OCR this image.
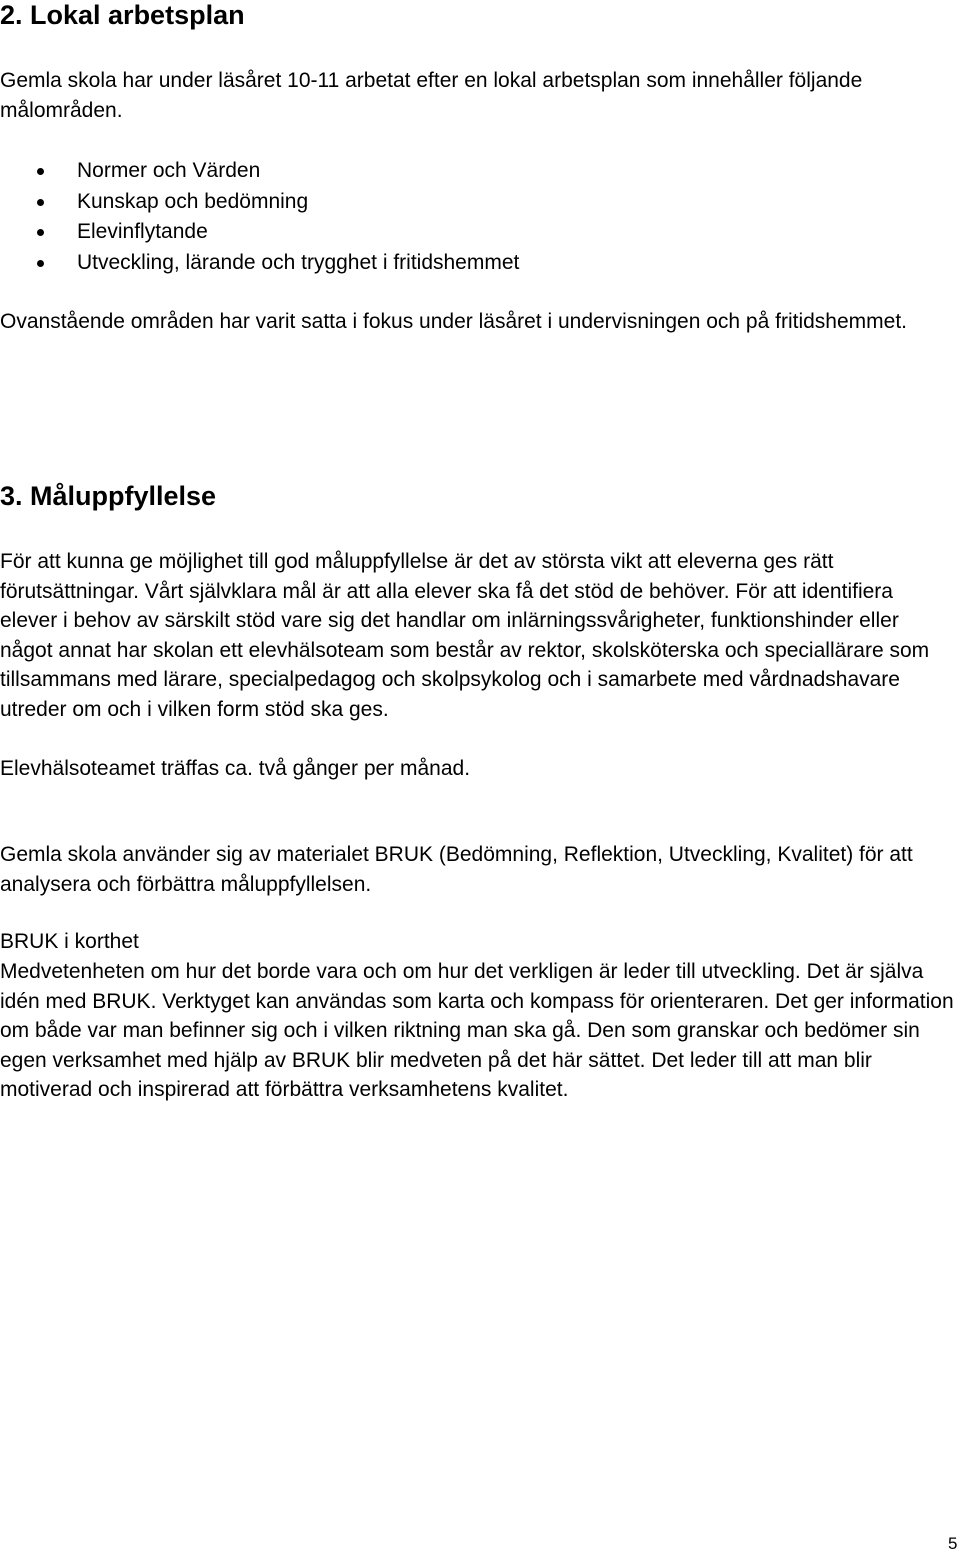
2. Lokal arbetsplan

Gemla skola har under läsåret 10-11 arbetat efter en lokal arbetsplan som innehåller följande målområden.

Normer och Värden
Kunskap och bedömning
Elevinflytande
Utveckling, lärande och trygghet i fritidshemmet

Ovanstående områden har varit satta i fokus under läsåret i undervisningen och på fritidshemmet.

3. Måluppfyllelse

För att kunna ge möjlighet till god måluppfyllelse är det av största vikt att eleverna ges rätt förutsättningar. Vårt självklara mål är att alla elever ska få det stöd de behöver. För att identifiera elever i behov av särskilt stöd vare sig det handlar om inlärningssvårigheter, funktionshinder eller något annat har skolan ett elevhälsoteam som består av rektor, skolsköterska och speciallärare som tillsammans med lärare, specialpedagog och skolpsykolog och i samarbete med vårdnadshavare utreder om och i vilken form stöd ska ges.

Elevhälsoteamet träffas ca. två gånger per månad.

Gemla skola använder sig av materialet BRUK (Bedömning, Reflektion, Utveckling, Kvalitet) för att analysera och förbättra måluppfyllelsen.

BRUK i korthet

Medvetenheten om hur det borde vara och om hur det verkligen är leder till utveckling. Det är själva idén med BRUK. Verktyget kan användas som karta och kompass för orienteraren. Det ger information om både var man befinner sig och i vilken riktning man ska gå. Den som granskar och bedömer sin egen verksamhet med hjälp av BRUK blir medveten på det här sättet. Det leder till att man blir motiverad och inspirerad att förbättra verksamhetens kvalitet.

5
